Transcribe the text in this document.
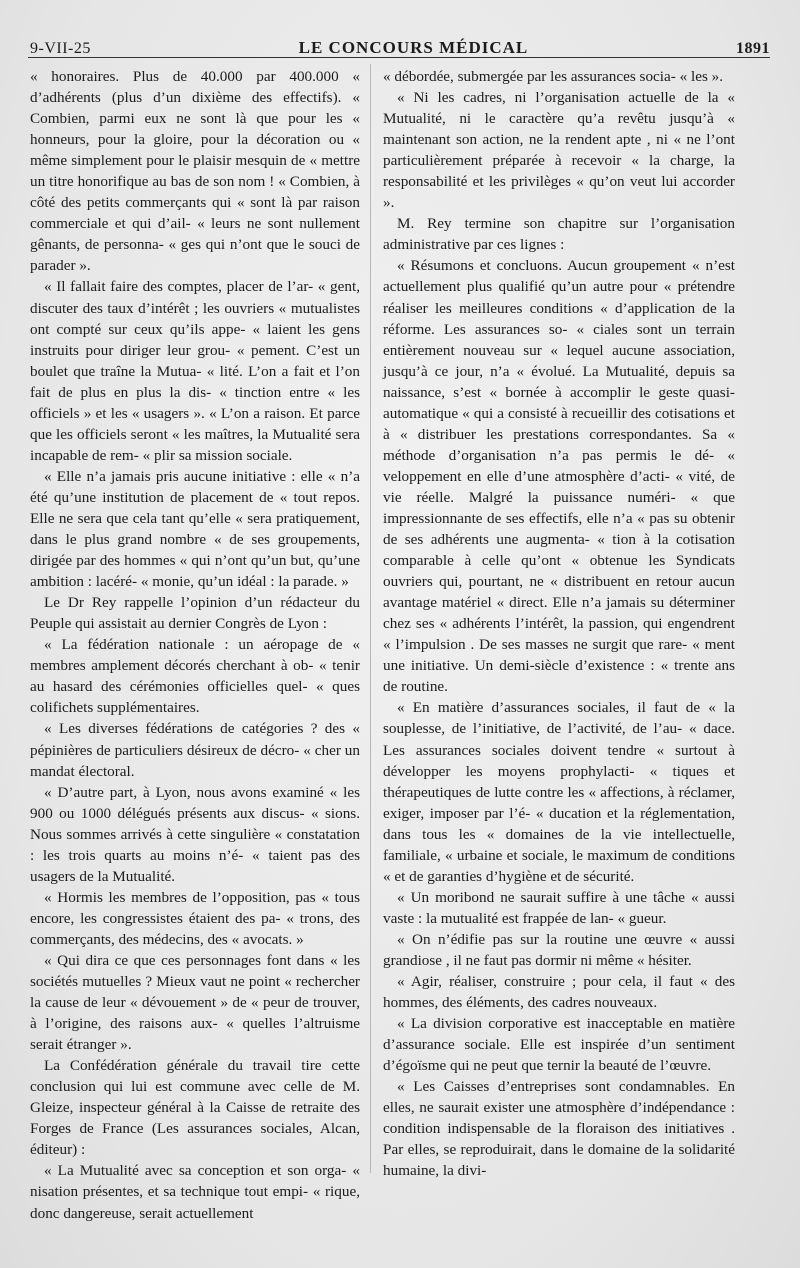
9-VII-25	LE CONCOURS MÉDICAL	1891

« honoraires. Plus de 40.000 par 400.000 « d’adhérents (plus d’un dixième des effectifs). « Combien, parmi eux ne sont là que pour les « honneurs, pour la gloire, pour la décoration ou « même simplement pour le plaisir mesquin de « mettre un titre honorifique au bas de son nom ! « Combien, à côté des petits commerçants qui « sont là par raison commerciale et qui d’ail- « leurs ne sont nullement gênants, de personna- « ges qui n’ont que le souci de parader ».

« Il fallait faire des comptes, placer de l’ar- « gent, discuter des taux d’intérêt ; les ouvriers « mutualistes ont compté sur ceux qu’ils appe- « laient les gens instruits pour diriger leur grou- « pement. C’est un boulet que traîne la Mutua- « lité. L’on a fait et l’on fait de plus en plus la dis- « tinction entre « les officiels » et les « usagers ». « L’on a raison. Et parce que les officiels seront « les maîtres, la Mutualité sera incapable de rem- « plir sa mission sociale.

« Elle n’a jamais pris aucune initiative : elle « n’a été qu’une institution de placement de « tout repos. Elle ne sera que cela tant qu’elle « sera pratiquement, dans le plus grand nombre « de ses groupements, dirigée par des hommes « qui n’ont qu’un but, qu’une ambition : lacéré- « monie, qu’un idéal : la parade. »

Le Dr Rey rappelle l’opinion d’un rédacteur du Peuple qui assistait au dernier Congrès de Lyon :

« La fédération nationale : un aéropage de « membres amplement décorés cherchant à ob- « tenir au hasard des cérémonies officielles quel- « ques colifichets supplémentaires.

« Les diverses fédérations de catégories ? des « pépinières de particuliers désireux de décro- « cher un mandat électoral.

« D’autre part, à Lyon, nous avons examiné « les 900 ou 1000 délégués présents aux discus- « sions. Nous sommes arrivés à cette singulière « constatation : les trois quarts au moins n’é- « taient pas des usagers de la Mutualité.

« Hormis les membres de l’opposition, pas « tous encore, les congressistes étaient des pa- « trons, des commerçants, des médecins, des « avocats. »

« Qui dira ce que ces personnages font dans « les sociétés mutuelles ? Mieux vaut ne point « rechercher la cause de leur « dévouement » de « peur de trouver, à l’origine, des raisons aux- « quelles l’altruisme serait étranger ».

La Confédération générale du travail tire cette conclusion qui lui est commune avec celle de M. Gleize, inspecteur général à la Caisse de retraite des Forges de France (Les assurances sociales, Alcan, éditeur) :

« La Mutualité avec sa conception et son orga- « nisation présentes, et sa technique tout empi- « rique, donc dangereuse, serait actuellement

« débordée, submergée par les assurances socia- « les ».

« Ni les cadres, ni l’organisation actuelle de la « Mutualité, ni le caractère qu’a revêtu jusqu’à « maintenant son action, ne la rendent apte , ni « ne l’ont particulièrement préparée à recevoir « la charge, la responsabilité et les privilèges « qu’on veut lui accorder ».

M. Rey termine son chapitre sur l’organisation administrative par ces lignes :

« Résumons et concluons. Aucun groupement « n’est actuellement plus qualifié qu’un autre pour « prétendre réaliser les meilleures conditions « d’application de la réforme. Les assurances so- « ciales sont un terrain entièrement nouveau sur « lequel aucune association, jusqu’à ce jour, n’a « évolué. La Mutualité, depuis sa naissance, s’est « bornée à accomplir le geste quasi-automatique « qui a consisté à recueillir des cotisations et à « distribuer les prestations correspondantes. Sa « méthode d’organisation n’a pas permis le dé- « veloppement en elle d’une atmosphère d’acti- « vité, de vie réelle. Malgré la puissance numéri- « que impressionnante de ses effectifs, elle n’a « pas su obtenir de ses adhérents une augmenta- « tion à la cotisation comparable à celle qu’ont « obtenue les Syndicats ouvriers qui, pourtant, ne « distribuent en retour aucun avantage matériel « direct. Elle n’a jamais su déterminer chez ses « adhérents l’intérêt, la passion, qui engendrent « l’impulsion . De ses masses ne surgit que rare- « ment une initiative. Un demi-siècle d’existence : « trente ans de routine.

« En matière d’assurances sociales, il faut de « la souplesse, de l’initiative, de l’activité, de l’au- « dace. Les assurances sociales doivent tendre « surtout à développer les moyens prophylacti- « tiques et thérapeutiques de lutte contre les « affections, à réclamer, exiger, imposer par l’é- « ducation et la réglementation, dans tous les « domaines de la vie intellectuelle, familiale, « urbaine et sociale, le maximum de conditions « et de garanties d’hygiène et de sécurité.

« Un moribond ne saurait suffire à une tâche « aussi vaste : la mutualité est frappée de lan- « gueur.

« On n’édifie pas sur la routine une œuvre « aussi grandiose , il ne faut pas dormir ni même « hésiter.

« Agir, réaliser, construire ; pour cela, il faut « des hommes, des éléments, des cadres nouveaux.

« La division corporative est inacceptable en matière d’assurance sociale. Elle est inspirée d’un sentiment d’égoïsme qui ne peut que ternir la beauté de l’œuvre.

« Les Caisses d’entreprises sont condamnables. En elles, ne saurait exister une atmosphère d’indépendance : condition indispensable de la floraison des initiatives . Par elles, se reproduirait, dans le domaine de la solidarité humaine, la divi-
